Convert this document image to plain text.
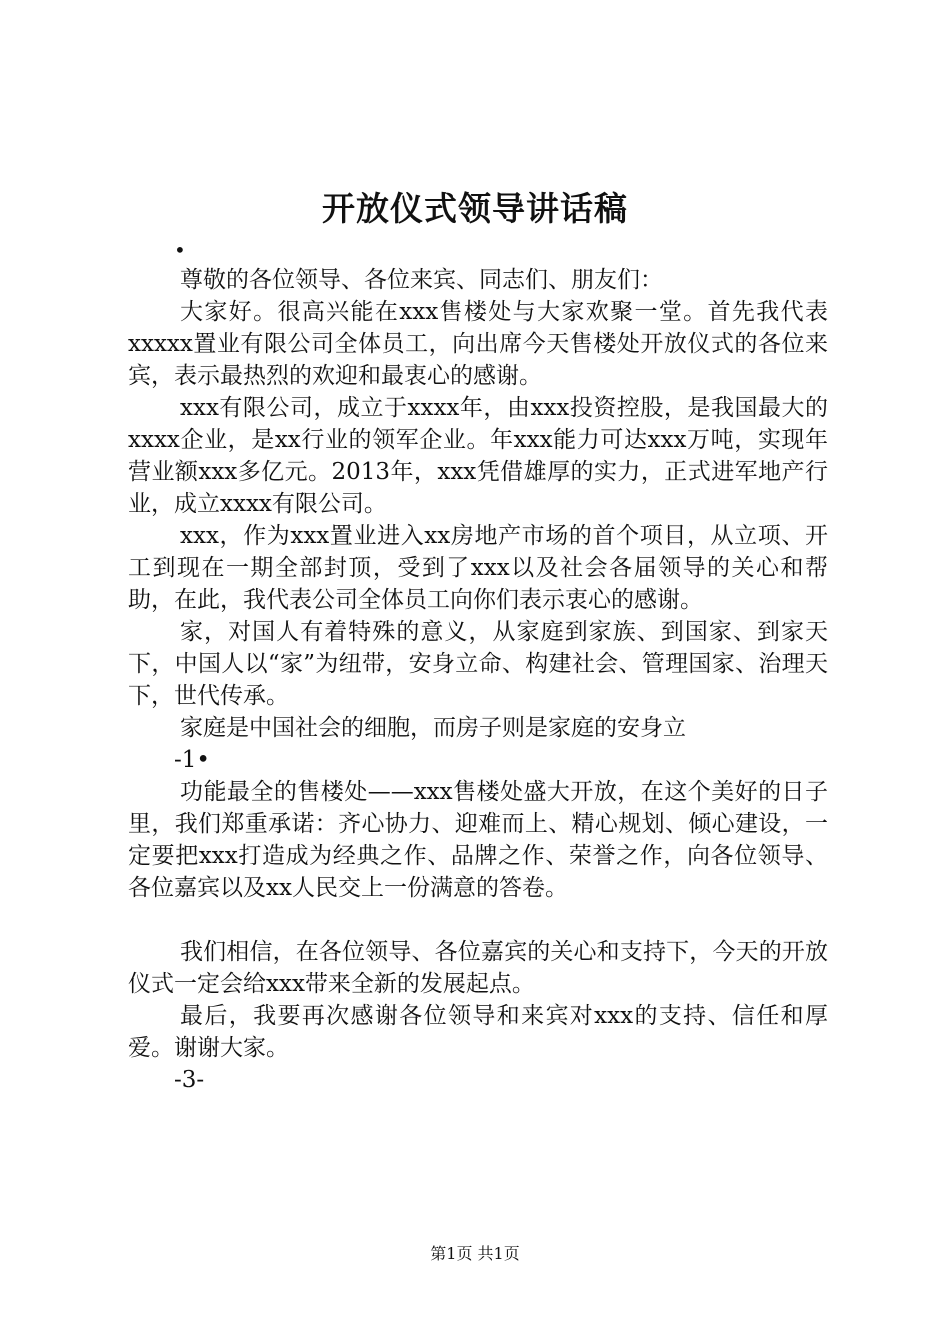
开放仪式领导讲话稿
•

尊敬的各位领导、各位来宾、同志们、朋友们：

大家好。很高兴能在xxx售楼处与大家欢聚一堂。首先我代表xxxxx置业有限公司全体员工，向出席今天售楼处开放仪式的各位来宾，表示最热烈的欢迎和最衷心的感谢。

xxx有限公司，成立于xxxx年，由xxx投资控股，是我国最大的xxxx企业，是xx行业的领军企业。年xxx能力可达xxx万吨，实现年营业额xxx多亿元。2013年，xxx凭借雄厚的实力，正式进军地产行业，成立xxxx有限公司。

xxx，作为xxx置业进入xx房地产市场的首个项目，从立项、开工到现在一期全部封顶，受到了xxx以及社会各届领导的关心和帮助，在此，我代表公司全体员工向你们表示衷心的感谢。

家，对国人有着特殊的意义，从家庭到家族、到国家、到家天下，中国人以“家”为纽带，安身立命、构建社会、管理国家、治理天下，世代传承。

家庭是中国社会的细胞，而房子则是家庭的安身立

-1•

功能最全的售楼处——xxx售楼处盛大开放，在这个美好的日子里，我们郑重承诺：齐心协力、迎难而上、精心规划、倾心建设，一定要把xxx打造成为经典之作、品牌之作、荣誉之作，向各位领导、各位嘉宾以及xx人民交上一份满意的答卷。

我们相信，在各位领导、各位嘉宾的关心和支持下，今天的开放仪式一定会给xxx带来全新的发展起点。

最后，我要再次感谢各位领导和来宾对xxx的支持、信任和厚爱。谢谢大家。

-3-
第1页 共1页
